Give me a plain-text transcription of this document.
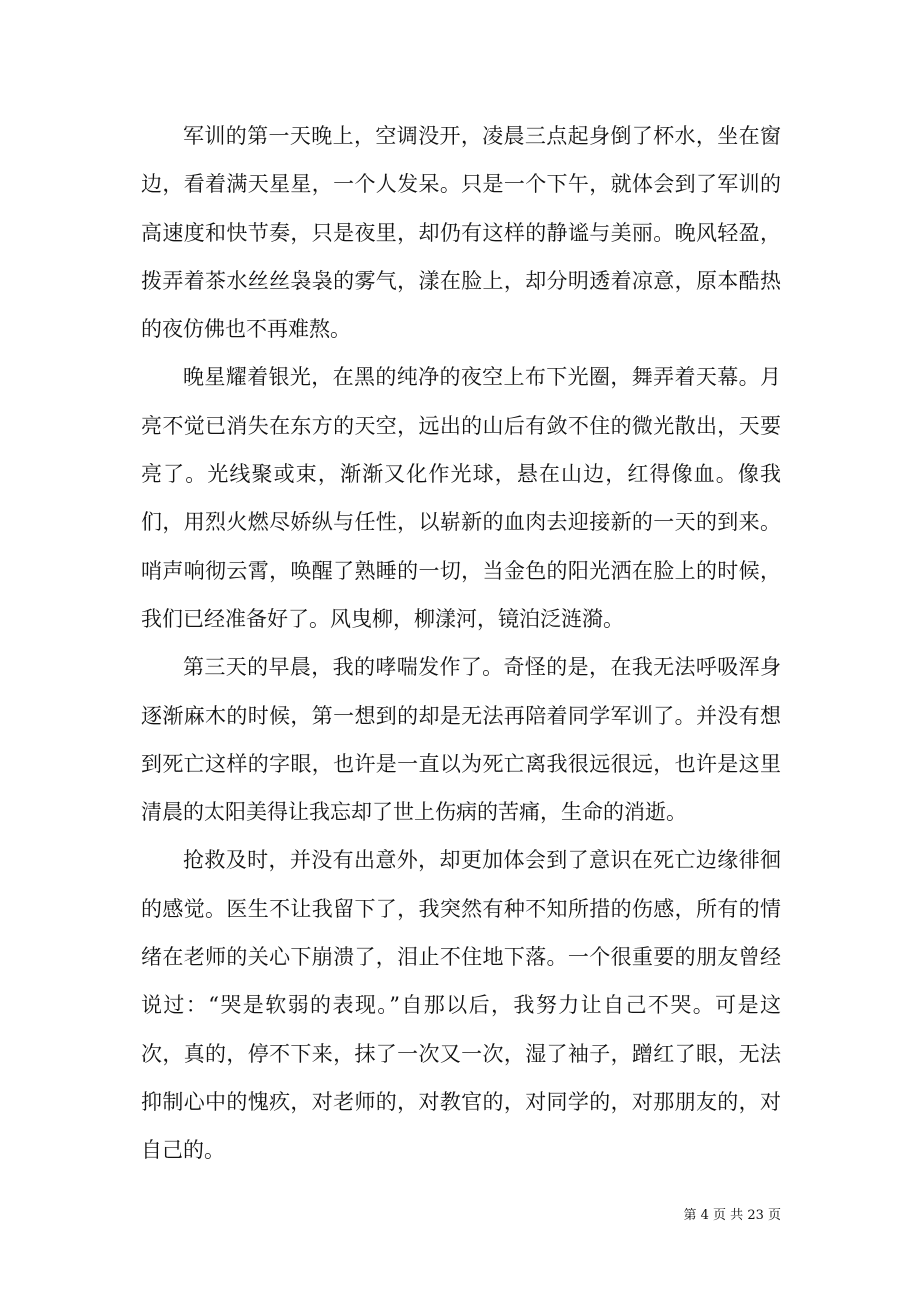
军训的第一天晚上，空调没开，凌晨三点起身倒了杯水，坐在窗边，看着满天星星，一个人发呆。只是一个下午，就体会到了军训的高速度和快节奏，只是夜里，却仍有这样的静谧与美丽。晚风轻盈，拨弄着茶水丝丝袅袅的雾气，漾在脸上，却分明透着凉意，原本酷热的夜仿佛也不再难熬。

晚星耀着银光，在黑的纯净的夜空上布下光圈，舞弄着天幕。月亮不觉已消失在东方的天空，远出的山后有敛不住的微光散出，天要亮了。光线聚或束，渐渐又化作光球，悬在山边，红得像血。像我们，用烈火燃尽娇纵与任性，以崭新的血肉去迎接新的一天的到来。哨声响彻云霄，唤醒了熟睡的一切，当金色的阳光洒在脸上的时候，我们已经准备好了。风曳柳，柳漾河，镜泊泛涟漪。

第三天的早晨，我的哮喘发作了。奇怪的是，在我无法呼吸浑身逐渐麻木的时候，第一想到的却是无法再陪着同学军训了。并没有想到死亡这样的字眼，也许是一直以为死亡离我很远很远，也许是这里清晨的太阳美得让我忘却了世上伤病的苦痛，生命的消逝。

抢救及时，并没有出意外，却更加体会到了意识在死亡边缘徘徊的感觉。医生不让我留下了，我突然有种不知所措的伤感，所有的情绪在老师的关心下崩溃了，泪止不住地下落。一个很重要的朋友曾经说过：“哭是软弱的表现。”自那以后，我努力让自己不哭。可是这次，真的，停不下来，抹了一次又一次，湿了袖子，蹭红了眼，无法抑制心中的愧疚，对老师的，对教官的，对同学的，对那朋友的，对自己的。

第 4 页 共 23 页
